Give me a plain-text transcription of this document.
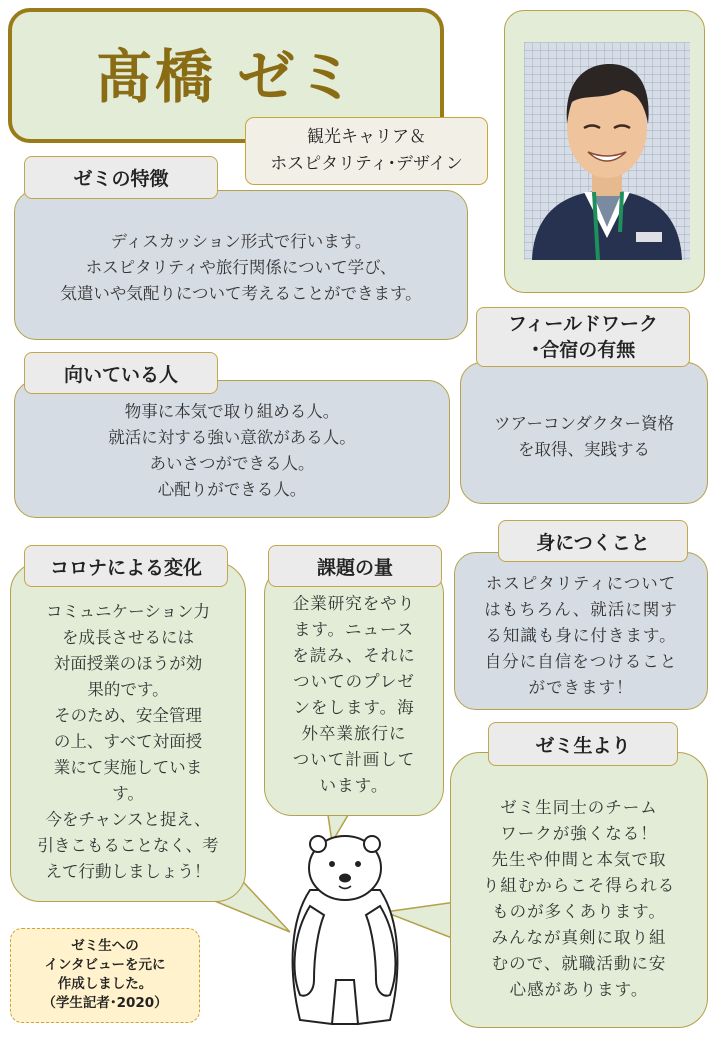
髙橋 ゼミ
観光キャリア＆
ホスピタリティ･デザイン
ディスカッション形式で行います。
ホスピタリティや旅行関係について学び、
気遣いや気配りについて考えることができます。
ゼミの特徴
物事に本気で取り組める人。
就活に対する強い意欲がある人。
あいさつができる人。
心配りができる人。
向いている人
ツアーコンダクター資格
を取得、実践する
フィールドワーク
･合宿の有無
ホスピタリティについて
はもちろん、就活に関す
る知識も身に付きます。
自分に自信をつけること
ができます！
身につくこと
コミュニケーション力
を成長させるには
対面授業のほうが効
果的です。
そのため、安全管理
の上、すべて対面授
業にて実施していま
す。
今をチャンスと捉え、
引きこもることなく、考
えて行動しましょう！
コロナによる変化
企業研究をやり
ます。ニュース
を読み、それに
ついてのプレゼ
ンをします。海
外卒業旅行に
ついて計画して
います。
課題の量
ゼミ生同士のチーム
ワークが強くなる！
先生や仲間と本気で取
り組むからこそ得られる
ものが多くあります。
みんなが真剣に取り組
むので、就職活動に安
心感があります。
ゼミ生より
ゼミ生への
インタビューを元に
作成しました。
（学生記者･2020）
